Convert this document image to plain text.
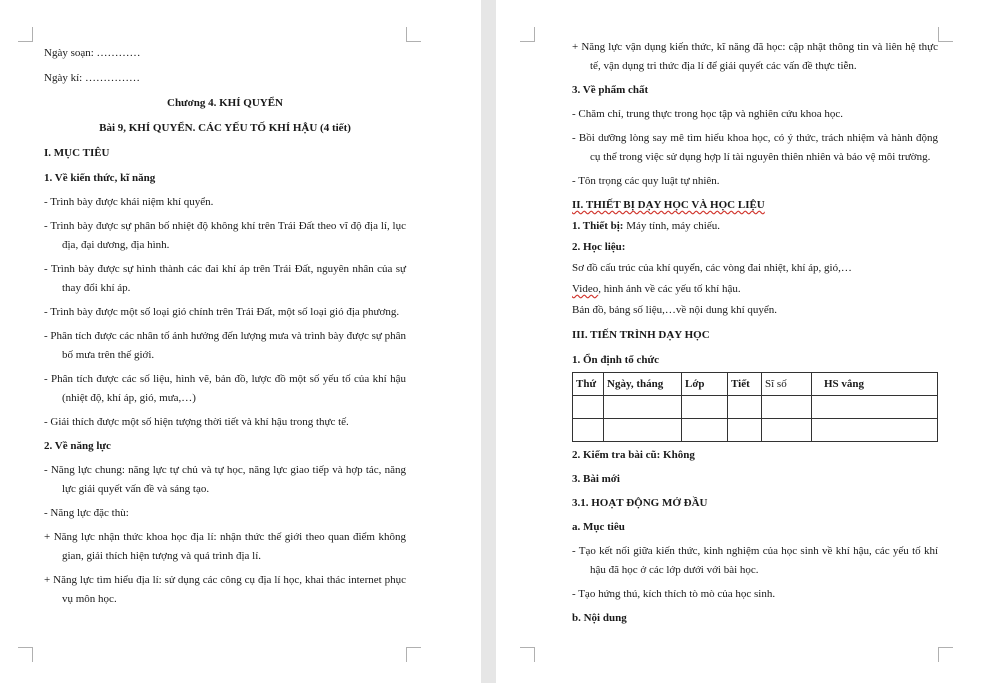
Ngày soạn: …………

Ngày kí: ……………

Chương 4. KHÍ QUYỂN

Bài 9, KHÍ QUYỂN. CÁC YẾU TỐ KHÍ HẬU (4 tiết)

I. MỤC TIÊU

1. Về kiến thức, kĩ năng

- Trình bày được khái niệm khí quyển.

- Trình bày được sự phân bố nhiệt độ không khí trên Trái Đất theo vĩ độ địa lí, lục địa, đại dương, địa hình.

- Trình bày được sự hình thành các đai khí áp trên Trái Đất, nguyên nhân của sự thay đổi khí áp.

- Trình bày được một số loại gió chính trên Trái Đất, một số loại gió địa phương.

- Phân tích được các nhân tố ảnh hưởng đến lượng mưa và trình bày được sự phân bố mưa trên thế giới.

- Phân tích được các số liệu, hình vẽ, bản đồ, lược đồ một số yếu tố của khí hậu (nhiệt độ, khí áp, gió, mưa,…)

- Giải thích được một số hiện tượng thời tiết và khí hậu trong thực tế.

2. Về năng lực

- Năng lực chung: năng lực tự chủ và tự học, năng lực giao tiếp và hợp tác, năng lực giải quyết vấn đề và sáng tạo.

- Năng lực đặc thù:

+ Năng lực nhận thức khoa học địa lí: nhận thức thế giới theo quan điểm không gian, giải thích hiện tượng và quá trình địa lí.

+ Năng lực tìm hiểu địa lí: sử dụng các công cụ địa lí học, khai thác internet phục vụ môn học.

+ Năng lực vận dụng kiến thức, kĩ năng đã học: cập nhật thông tin và liên hệ thực tế, vận dụng tri thức địa lí để giải quyết các vấn đề thực tiễn.

3. Về phẩm chất

- Chăm chỉ, trung thực trong học tập và nghiên cứu khoa học.

- Bồi dưỡng lòng say mê tìm hiểu khoa học, có ý thức, trách nhiệm và hành động cụ thể trong việc sử dụng hợp lí tài nguyên thiên nhiên và bảo vệ môi trường.

- Tôn trọng các quy luật tự nhiên.

II. THIẾT BỊ DẠY HỌC VÀ HỌC LIỆU

1. Thiết bị: Máy tính, máy chiếu.

2. Học liệu:

Sơ đồ cấu trúc của khí quyển, các vòng đai nhiệt, khí áp, gió,…

Video, hình ảnh về các yếu tố khí hậu.

Bản đồ, bảng số liệu,…về nội dung khí quyển.

III. TIẾN TRÌNH DẠY HỌC

1. Ổn định tổ chức

Thứ	Ngày, tháng	Lớp	Tiết	Sĩ số	HS vắng

2. Kiểm tra bài cũ: Không

3. Bài mới

3.1. HOẠT ĐỘNG MỞ ĐẦU

a. Mục tiêu

- Tạo kết nối giữa kiến thức, kinh nghiệm của học sinh về khí hậu, các yếu tố khí hậu đã học ở các lớp dưới với bài học.

- Tạo hứng thú, kích thích tò mò của học sinh.

b. Nội dung
